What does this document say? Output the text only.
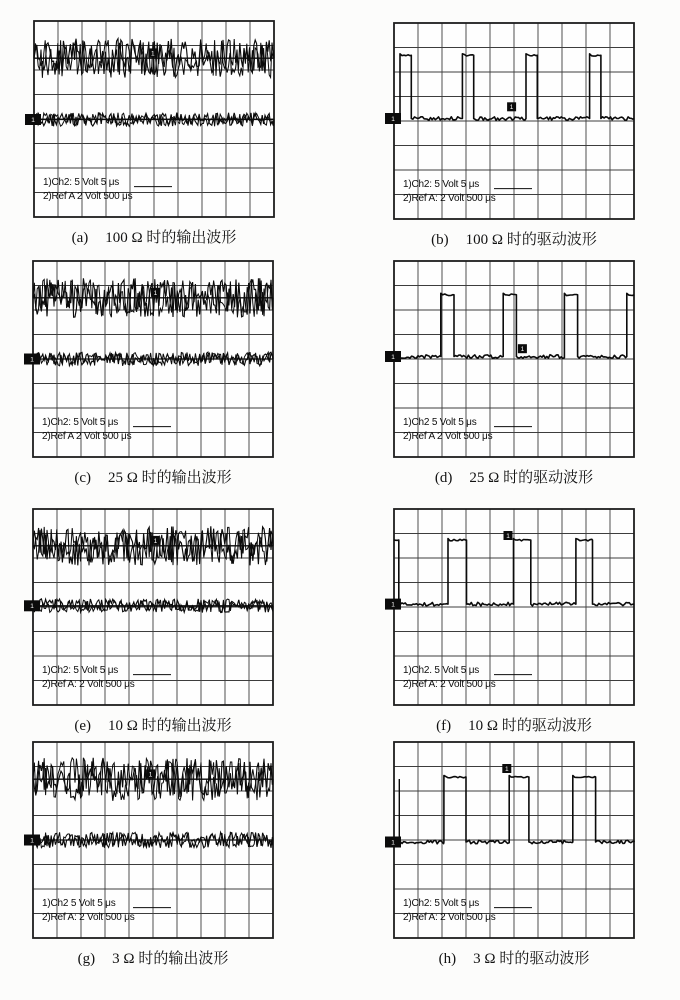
1
1
1)Ch2: 5 Volt 5 μs
2)Ref A 2 Volt 500 μs
(a) 100 Ω 时的输出波形
1
1
1)Ch2: 5 Volt 5 μs
2)Ref A: 2 Volt 500 μs
(b) 100 Ω 时的驱动波形
1
1
1)Ch2: 5 Volt 5 μs
2)Ref A 2 Volt 500 μs
(c) 25 Ω 时的输出波形
1
1
1)Ch2 5 Volt 5 μs
2)Ref A 2 Volt 500 μs
(d) 25 Ω 时的驱动波形
1
1
1)Ch2: 5 Volt 5 μs
2)Ref A: 2 Volt 500 μs
(e) 10 Ω 时的输出波形
1
1
1)Ch2. 5 Volt 5 μs
2)Ref A: 2 Volt 500 μs
(f) 10 Ω 时的驱动波形
1
1
1)Ch2 5 Volt 5 μs
2)Ref A: 2 Volt 500 μs
(g) 3 Ω 时的输出波形
1
1
1)Ch2: 5 Volt 5 μs
2)Ref A: 2 Volt 500 μs
(h) 3 Ω 时的驱动波形
